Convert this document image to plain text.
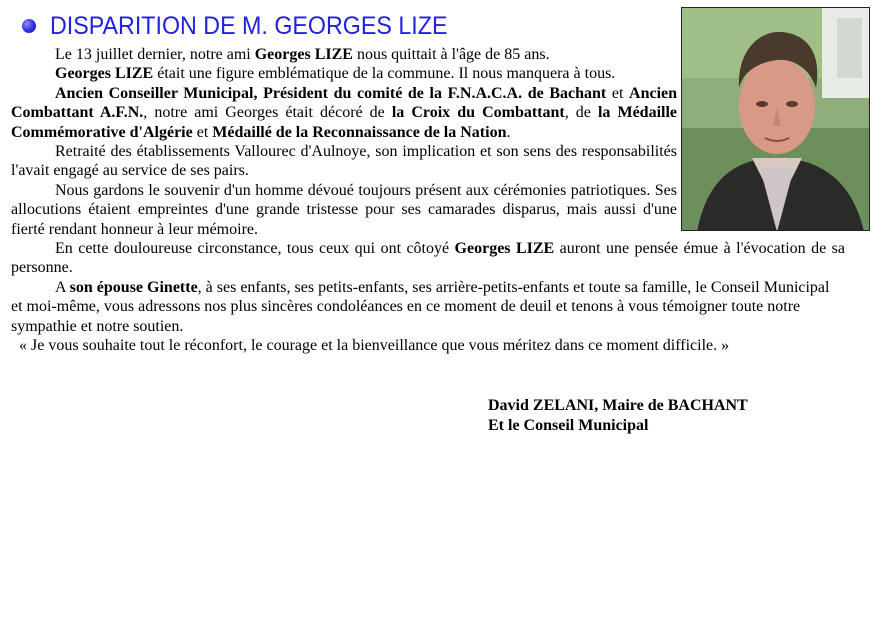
DISPARITION DE M. GEORGES LIZE

Le 13 juillet dernier, notre ami Georges LIZE nous quittait à l'âge de 85 ans.

Georges LIZE était une figure emblématique de la commune. Il nous manquera à tous.

Ancien Conseiller Municipal, Président du comité de la F.N.A.C.A. de Bachant et Ancien Combattant A.F.N., notre ami Georges était décoré de la Croix du Combattant, de la Médaille Commémorative d'Algérie et Médaillé de la Reconnaissance de la Nation.

Retraité des établissements Vallourec d'Aulnoye, son implication et son sens des responsabilités l'avait engagé au service de ses pairs.

Nous gardons le souvenir d'un homme dévoué toujours présent aux cérémonies patriotiques. Ses allocutions étaient empreintes d'une grande tristesse pour ses camarades disparus, mais aussi d'une fierté rendant honneur à leur mémoire.

En cette douloureuse circonstance, tous ceux qui ont côtoyé Georges LIZE auront une pensée émue à l'évocation de sa personne.

A son épouse Ginette, à ses enfants, ses petits-enfants, ses arrière-petits-enfants et toute sa famille, le Conseil Municipal et moi-même, vous adressons nos plus sincères condoléances en ce moment de deuil et tenons à vous témoigner toute notre sympathie et notre soutien.

« Je vous souhaite tout le réconfort, le courage et la bienveillance que vous méritez dans ce moment difficile. »

David ZELANI, Maire de BACHANT
Et le Conseil Municipal
